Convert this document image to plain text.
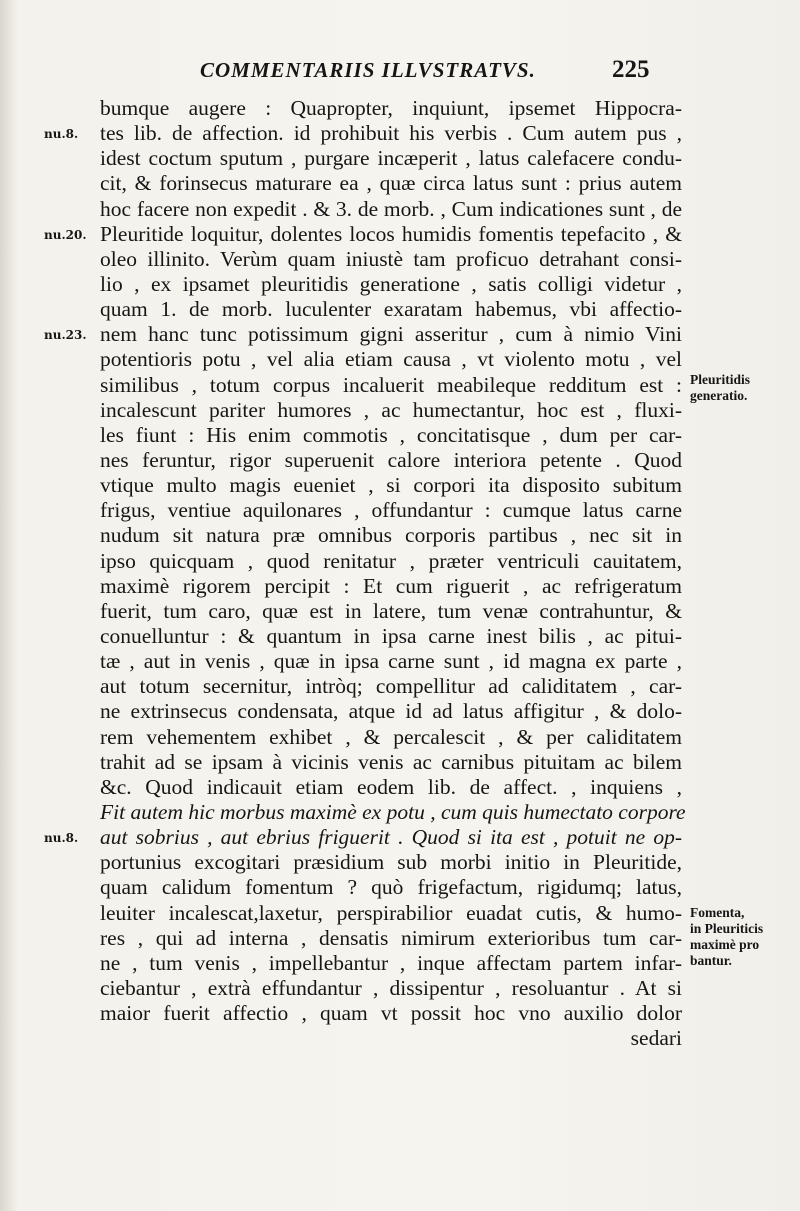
COMMENTARIIS ILLVSTRATVS.	225
bumque augere : Quapropter, inquiunt, ipsemet Hippocra-
tes lib. de affection. id prohibuit his verbis . Cum autem pus ,
idest coctum sputum , purgare incæperit , latus calefacere condu-
cit, & forinsecus maturare ea , quæ circa latus sunt : prius autem
hoc facere non expedit . & 3. de morb. , Cum indicationes sunt , de
Pleuritide loquitur, dolentes locos humidis fomentis tepefacito , &
oleo illinito. Verùm quam iniustè tam proficuo detrahant consi-
lio , ex ipsamet pleuritidis generatione , satis colligi videtur ,
quam 1. de morb. luculenter exaratam habemus, vbi affectio-
nem hanc tunc potissimum gigni asseritur , cum à nimio Vini
potentioris potu , vel alia etiam causa , vt violento motu , vel
similibus , totum corpus incaluerit meabileque redditum est :
incalescunt pariter humores , ac humectantur, hoc est , fluxi-
les fiunt : His enim commotis , concitatisque , dum per car-
nes feruntur, rigor superuenit calore interiora petente . Quod
vtique multo magis eueniet , si corpori ita disposito subitum
frigus, ventiue aquilonares , offundantur : cumque latus carne
nudum sit natura præ omnibus corporis partibus , nec sit in
ipso quicquam , quod renitatur , præter ventriculi cauitatem,
maximè rigorem percipit : Et cum riguerit , ac refrigeratum
fuerit, tum caro, quæ est in latere, tum venæ contrahuntur, &
conuelluntur : & quantum in ipsa carne inest bilis , ac pitui-
tæ , aut in venis , quæ in ipsa carne sunt , id magna ex parte ,
aut totum secernitur, intròq; compellitur ad caliditatem , car-
ne extrinsecus condensata, atque id ad latus affigitur , & dolo-
rem vehementem exhibet , & percalescit , & per caliditatem
trahit ad se ipsam à vicinis venis ac carnibus pituitam ac bilem
&c. Quod indicauit etiam eodem lib. de affect. , inquiens ,
Fit autem hic morbus maximè ex potu , cum quis humectato corpore
aut sobrius , aut ebrius friguerit . Quod si ita est , potuit ne op-
portunius excogitari præsidium sub morbi initio in Pleuritide,
quam calidum fomentum ? quò frigefactum, rigidumq; latus,
leuiter incalescat,laxetur, perspirabilior euadat cutis, & humo-
res , qui ad interna , densatis nimirum exterioribus tum car-
ne , tum venis , impellebantur , inque affectam partem infar-
ciebantur , extrà effundantur , dissipentur , resoluantur . At si
maior fuerit affectio , quam vt possit hoc vno auxilio dolor
sedari
nu.8.
nu.20.
nu.23.
nu.8.
Pleuritidis
generatio.
Fomenta,
in Pleuriticis
maximè pro
bantur.
